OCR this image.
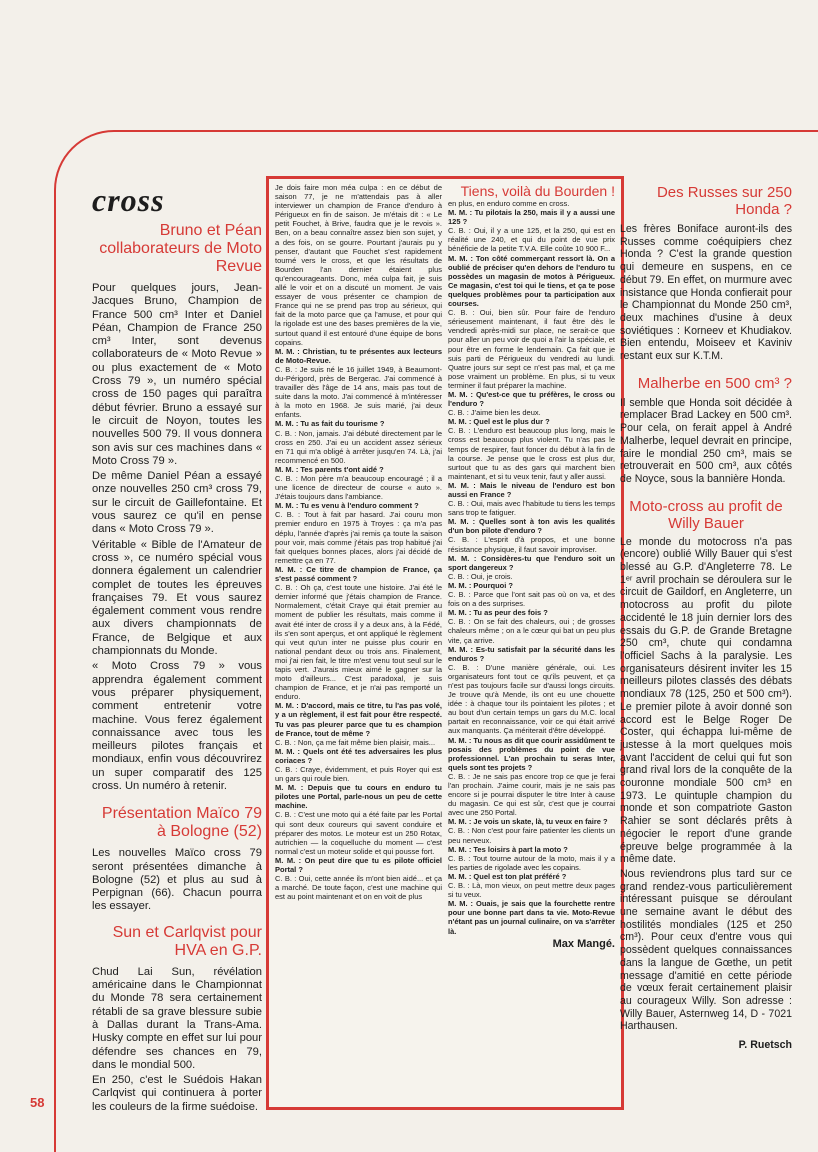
cross
Bruno et Péan collaborateurs de Moto Revue

Pour quelques jours, Jean-Jacques Bruno, Champion de France 500 cm³ Inter et Daniel Péan, Champion de France 250 cm³ Inter, sont devenus collaborateurs de « Moto Revue » ou plus exactement de « Moto Cross 79 », un numéro spécial cross de 150 pages qui paraîtra début février. Bruno a essayé sur le circuit de Noyon, toutes les nouvelles 500 79. Il vous donnera son avis sur ces machines dans « Moto Cross 79 ».

De même Daniel Péan a essayé onze nouvelles 250 cm³ cross 79, sur le circuit de Gaillefontaine. Et vous saurez ce qu'il en pense dans « Moto Cross 79 ».

Véritable « Bible de l'Amateur de cross », ce numéro spécial vous donnera également un calendrier complet de toutes les épreuves françaises 79. Et vous saurez également comment vous rendre aux divers championnats de France, de Belgique et aux championnats du Monde.

« Moto Cross 79 » vous apprendra également comment vous préparer physiquement, comment entretenir votre machine. Vous ferez également connaissance avec tous les meilleurs pilotes français et mondiaux, enfin vous découvrirez un super comparatif des 125 cross. Un numéro à retenir.

Présentation Maïco 79 à Bologne (52)

Les nouvelles Maïco cross 79 seront présentées dimanche à Bologne (52) et plus au sud à Perpignan (66). Chacun pourra les essayer.

Sun et Carlqvist pour HVA en G.P.

Chud Lai Sun, révélation américaine dans le Championnat du Monde 78 sera certainement rétabli de sa grave blessure subie à Dallas durant la Trans-Ama. Husky compte en effet sur lui pour défendre ses chances en 79, dans le mondial 500.

En 250, c'est le Suédois Hakan Carlqvist qui continuera à porter les couleurs de la firme suédoise.

Je dois faire mon méa culpa : en ce début de saison 77, je ne m'attendais pas à aller interviewer un champion de France d'enduro à Périgueux en fin de saison. Je m'étais dit : « Le petit Fouchet, à Brive, faudra que je le revois ». Ben, on a beau connaître assez bien son sujet, y a des fois, on se gourre. Pourtant j'aurais pu y penser, d'autant que Fouchet s'est rapidement tourné vers le cross, et que les résultats de Bourden l'an dernier étaient plus qu'encourageants. Donc, méa culpa fait, je suis allé le voir et on a discuté un moment. Je vais essayer de vous présenter ce champion de France qui ne se prend pas trop au sérieux, qui fait de la moto parce que ça l'amuse, et pour qui la rigolade est une des bases premières de la vie, surtout quand il est entouré d'une équipe de bons copains.

M. M. : Christian, tu te présentes aux lecteurs de Moto-Revue.

C. B. : Je suis né le 16 juillet 1949, à Beaumont-du-Périgord, près de Bergerac. J'ai commencé à travailler dès l'âge de 14 ans, mais pas tout de suite dans la moto. J'ai commencé à m'intéresser à la moto en 1968. Je suis marié, j'ai deux enfants.

M. M. : Tu as fait du tourisme ?

C. B. : Non, jamais. J'ai débuté directement par le cross en 250. J'ai eu un accident assez sérieux en 71 qui m'a obligé à arrêter jusqu'en 74. Là, j'ai recommencé en 500.

M. M. : Tes parents t'ont aidé ?

C. B. : Mon père m'a beaucoup encouragé ; il a une licence de directeur de course « auto ». J'étais toujours dans l'ambiance.

M. M. : Tu es venu à l'enduro comment ?

C. B. : Tout à fait par hasard. J'ai couru mon premier enduro en 1975 à Troyes : ça m'a pas déplu, l'année d'après j'ai remis ça toute la saison pour voir, mais comme j'étais pas trop habitué j'ai fait quelques bonnes places, alors j'ai décidé de remettre ça en 77.

M. M. : Ce titre de champion de France, ça s'est passé comment ?

C. B. : Oh ça, c'est toute une histoire. J'ai été le dernier informé que j'étais champion de France. Normalement, c'était Craye qui était premier au moment de publier les résultats, mais comme il avait été inter de cross il y a deux ans, à la Fédé, ils s'en sont aperçus, et ont appliqué le règlement qui veut qu'un inter ne puisse plus courir en national pendant deux ou trois ans. Finalement, moi j'ai rien fait, le titre m'est venu tout seul sur le tapis vert. J'aurais mieux aimé le gagner sur la moto d'ailleurs... C'est paradoxal, je suis champion de France, et je n'ai pas remporté un enduro.

M. M. : D'accord, mais ce titre, tu l'as pas volé, y a un règlement, il est fait pour être respecté. Tu vas pas pleurer parce que tu es champion de France, tout de même ?

C. B. : Non, ça me fait même bien plaisir, mais...

M. M. : Quels ont été tes adversaires les plus coriaces ?

C. B. : Craye, évidemment, et puis Royer qui est un gars qui roule bien.

M. M. : Depuis que tu cours en enduro tu pilotes une Portal, parle-nous un peu de cette machine.

C. B. : C'est une moto qui a été faite par les Portal qui sont deux coureurs qui savent conduire et préparer des motos. Le moteur est un 250 Rotax, autrichien — la coquelluche du moment — c'est normal c'est un moteur solide et qui pousse fort.

M. M. : On peut dire que tu es pilote officiel Portal ?

C. B. : Oui, cette année ils m'ont bien aidé... et ça a marché. De toute façon, c'est une machine qui est au point maintenant et on en voit de plus

Tiens, voilà du Bourden !

en plus, en enduro comme en cross.

M. M. : Tu pilotais la 250, mais il y a aussi une 125 ?

C. B. : Oui, il y a une 125, et la 250, qui est en réalité une 240, et qui du point de vue prix bénéficie de la petite T.V.A. Elle coûte 10 900 F...

M. M. : Ton côté commerçant ressort là. On a oublié de préciser qu'en dehors de l'enduro tu possèdes un magasin de motos à Périgueux. Ce magasin, c'est toi qui le tiens, et ça te pose quelques problèmes pour ta participation aux courses.

C. B. : Oui, bien sûr. Pour faire de l'enduro sérieusement maintenant, il faut être dès le vendredi après-midi sur place, ne serait-ce que pour aller un peu voir de quoi a l'air la spéciale, et pour être en forme le lendemain. Ça fait que je suis parti de Périgueux du vendredi au lundi. Quatre jours sur sept ce n'est pas mal, et ça me pose vraiment un problème. En plus, si tu veux terminer il faut préparer la machine.

M. M. : Qu'est-ce que tu préfères, le cross ou l'enduro ?

C. B. : J'aime bien les deux.

M. M. : Quel est le plus dur ?

C. B. : L'enduro est beaucoup plus long, mais le cross est beaucoup plus violent. Tu n'as pas le temps de respirer, faut foncer du début à la fin de la course. Je pense que le cross est plus dur, surtout que tu as des gars qui marchent bien maintenant, et si tu veux tenir, faut y aller aussi.

M. M. : Mais le niveau de l'enduro est bon aussi en France ?

C. B. : Oui, mais avec l'habitude tu tiens les temps sans trop te fatiguer.

M. M. : Quelles sont à ton avis les qualités d'un bon pilote d'enduro ?

C. B. : L'esprit d'à propos, et une bonne résistance physique, il faut savoir improviser.

M. M. : Considères-tu que l'enduro soit un sport dangereux ?

C. B. : Oui, je crois.

M. M. : Pourquoi ?

C. B. : Parce que l'ont sait pas où on va, et des fois on a des surprises.

M. M. : Tu as peur des fois ?

C. B. : On se fait des chaleurs, oui ; de grosses chaleurs même ; on a le cœur qui bat un peu plus vite, ça arrive.

M. M. : Es-tu satisfait par la sécurité dans les enduros ?

C. B. : D'une manière générale, oui. Les organisateurs font tout ce qu'ils peuvent, et ça n'est pas toujours facile sur d'aussi longs circuits. Je trouve qu'à Mende, ils ont eu une chouette idée : à chaque tour ils pointaient les pilotes ; et au bout d'un certain temps un gars du M.C. local partait en reconnaissance, voir ce qui était arrivé aux manquants. Ça mériterait d'être développé.

M. M. : Tu nous as dit que courir assidûment te posais des problèmes du point de vue professionnel. L'an prochain tu seras Inter, quels sont tes projets ?

C. B. : Je ne sais pas encore trop ce que je ferai l'an prochain. J'aime courir, mais je ne sais pas encore si je pourrai disputer le titre Inter à cause du magasin. Ce qui est sûr, c'est que je courrai avec une 250 Portal.

M. M. : Je vois un skate, là, tu veux en faire ?

C. B. : Non c'est pour faire patienter les clients un peu nerveux.

M. M. : Tes loisirs à part la moto ?

C. B. : Tout tourne autour de la moto, mais il y a les parties de rigolade avec les copains.

M. M. : Quel est ton plat préféré ?

C. B. : Là, mon vieux, on peut mettre deux pages si tu veux.

M. M. : Ouais, je sais que la fourchette rentre pour une bonne part dans ta vie. Moto-Revue n'étant pas un journal culinaire, on va s'arrêter là.

Max Mangé.
Des Russes sur 250 Honda ?

Les frères Boniface auront-ils des Russes comme coéquipiers chez Honda ? C'est la grande question qui demeure en suspens, en ce début 79. En effet, on murmure avec insistance que Honda confierait pour le Championnat du Monde 250 cm³, deux machines d'usine à deux soviétiques : Korneev et Khudiakov. Bien entendu, Moiseev et Kaviniv restant eux sur K.T.M.

Malherbe en 500 cm³ ?

Il semble que Honda soit décidée à remplacer Brad Lackey en 500 cm³. Pour cela, on ferait appel à André Malherbe, lequel devrait en principe, faire le mondial 250 cm³, mais se retrouverait en 500 cm³, aux côtés de Noyce, sous la bannière Honda.

Moto-cross au profit de Willy Bauer

Le monde du motocross n'a pas (encore) oublié Willy Bauer qui s'est blessé au G.P. d'Angleterre 78. Le 1ᵉʳ avril prochain se déroulera sur le circuit de Gaildorf, en Angleterre, un motocross au profit du pilote accidenté le 18 juin dernier lors des essais du G.P. de Grande Bretagne 250 cm³, chute qui condamna l'officiel Sachs à la paralysie. Les organisateurs désirent inviter les 15 meilleurs pilotes classés des débats mondiaux 78 (125, 250 et 500 cm³). Le premier pilote à avoir donné son accord est le Belge Roger De Coster, qui échappa lui-même de justesse à la mort quelques mois avant l'accident de celui qui fut son grand rival lors de la conquête de la couronne mondiale 500 cm³ en 1973. Le quintuple champion du monde et son compatriote Gaston Rahier se sont déclarés prêts à négocier le report d'une grande épreuve belge programmée à la même date.

Nous reviendrons plus tard sur ce grand rendez-vous particulièrement intéressant puisque se déroulant une semaine avant le début des hostilités mondiales (125 et 250 cm³). Pour ceux d'entre vous qui possèdent quelques connaissances dans la langue de Gœthe, un petit message d'amitié en cette période de vœux ferait certainement plaisir au courageux Willy. Son adresse : Willy Bauer, Asternweg 14, D - 7021 Harthausen.

P. Ruetsch
58
